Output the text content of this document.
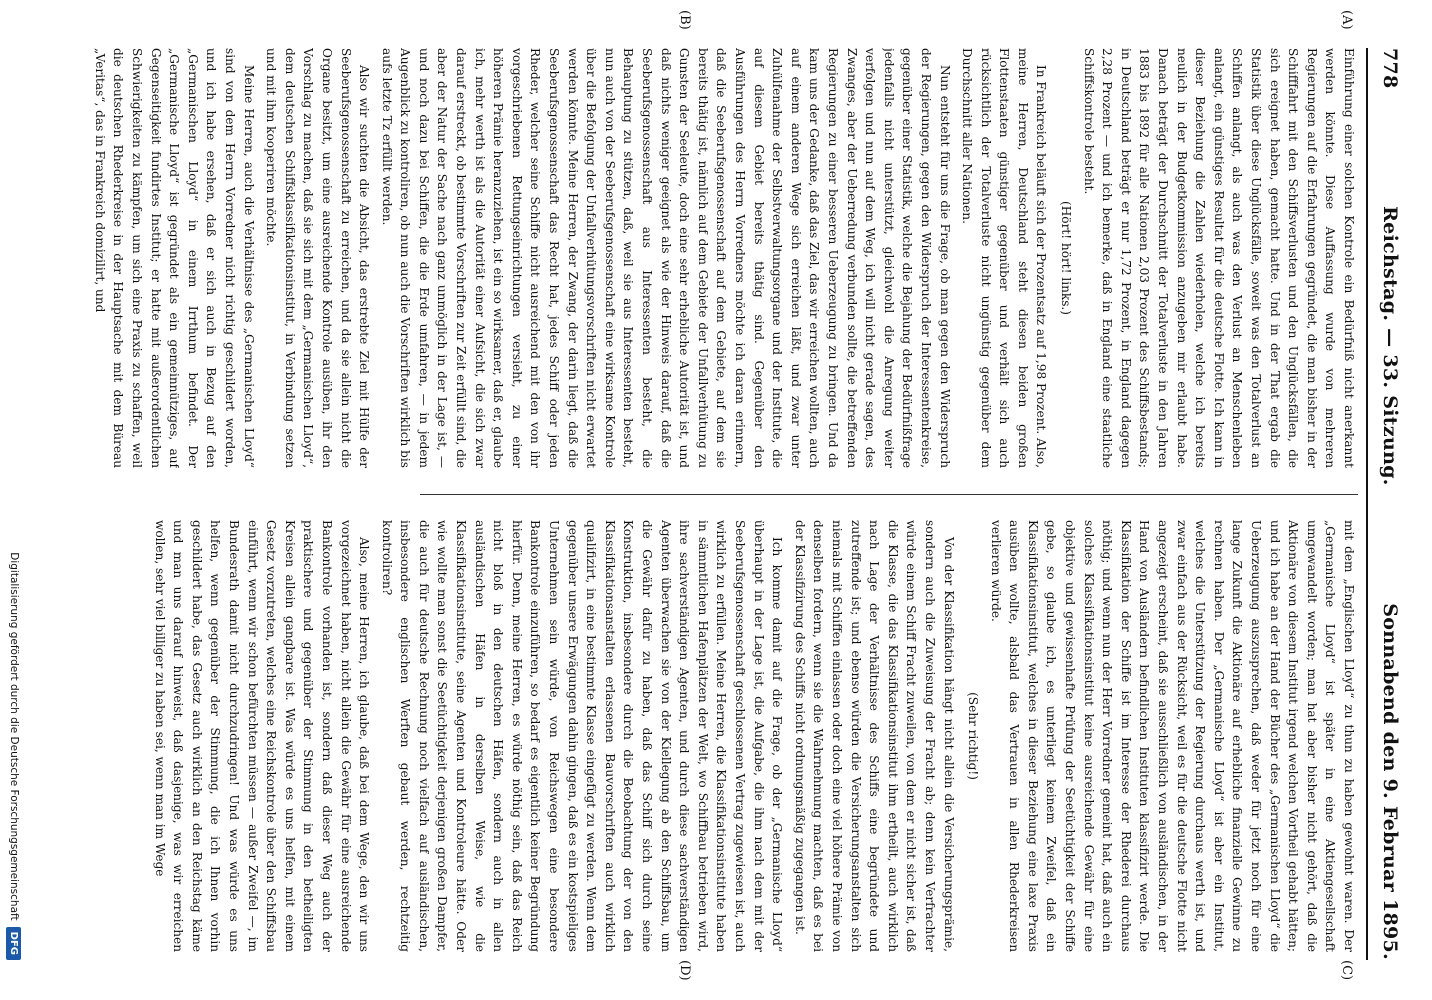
778
Reichstag. — 33. Sitzung.
Sonnabend den 9. Februar 1895.
(A)
(B)
(C)
(D)

Einführung einer solchen Kontrole ein Bedürfniß nicht anerkannt werden könnte. Diese Auffassung wurde von mehreren Regierungen auf die Erfahrungen gegründet, die man bisher in der Schifffahrt mit den Schiffsverlusten und den Unglücksfällen, die sich ereignet haben, gemacht hatte. Und in der That ergab die Statistik über diese Unglücksfälle, soweit was den Totalverlust an Schiffen anlangt, als auch was den Verlust an Menschenleben anlangt, ein günstiges Resultat für die deutsche Flotte. Ich kann in dieser Beziehung die Zahlen wiederholen, welche ich bereits neulich in der Budgetkommission anzugeben mir erlaubt habe. Danach beträgt der Durchschnitt der Totalverluste in den Jahren 1883 bis 1892 für alle Nationen 2,03 Prozent des Schiffsbestands; in Deutschland beträgt er nur 1,72 Prozent, in England dagegen 2,28 Prozent — und ich bemerke, daß in England eine staatliche Schiffskontrole besteht.

(Hört! hört! links.)

In Frankreich beläuft sich der Prozentsatz auf 1,98 Prozent. Also, meine Herren, Deutschland steht diesen beiden großen Flottenstaaten günstiger gegenüber und verhält sich auch rücksichtlich der Totalverluste nicht ungünstig gegenüber dem Durchschnitt aller Nationen.

Nun entsteht für uns die Frage, ob man gegen den Widerspruch der Regierungen, gegen den Widerspruch der Interessentenkreise, gegenüber einer Statistik, welche die Bejahung der Bedürfnißfrage jedenfalls nicht unterstützt, gleichwohl die Anregung weiter verfolgen und nun auf dem Weg, ich will nicht gerade sagen, des Zwanges, aber der Ueberredung verbunden sollte, die betreffenden Regierungen zu einer besseren Ueberzeugung zu bringen. Und da kam uns der Gedanke, daß das Ziel, das wir erreichen wollten, auch auf einem anderen Wege sich erreichen läßt, und zwar unter Zuhülfenahme der Selbstverwaltungsorgane und der Institute, die auf diesem Gebiet bereits thätig sind. Gegenüber den Ausführungen des Herrn Vorredners möchte ich daran erinnern, daß die Seeberufsgenossenschaft auf dem Gebiete, auf dem sie bereits thätig ist, nämlich auf dem Gebiete der Unfallverhütung zu Gunsten der Seeleute, doch eine sehr erhebliche Autorität ist, und daß nichts weniger geeignet als wie der Hinweis darauf, daß die Seeberufsgenossenschaft aus Interessenten besteht, die Behauptung zu stützen, daß, weil sie aus Interessenten besteht, nun auch von der Seeberufsgenossenschaft eine wirksame Kontrole über die Befolgung der Unfallverhütungsvorschriften nicht erwartet werden könnte. Meine Herren, der Zwang, der darin liegt, daß die Seeberufsgenossenschaft das Recht hat, jedes Schiff oder jeden Rheder, welcher seine Schiffe nicht ausreichend mit den von ihr vorgeschriebenen Rettungseinrichtungen versieht, zu einer höheren Prämie heranzuziehen, ist ein so wirksamer, daß er, glaube ich, mehr werth ist als die Autorität einer Aufsicht, die sich zwar darauf erstreckt, ob bestimmte Vorschriften zur Zeit erfüllt sind, die aber der Natur der Sache nach ganz unmöglich in der Lage ist, — und noch dazu bei Schiffen, die die Erde umfahren, — in jedem Augenblick zu kontroliren, ob nun auch die Vorschriften wirklich bis aufs letzte Tz erfüllt werden.

Also wir suchten die Absicht, das erstrebte Ziel mit Hülfe der Seeberufsgenossenschaft zu erreichen, und da sie allein nicht die Organe besitzt, um eine ausreichende Kontrole ausüben, ihr den Vorschlag zu machen, daß sie sich mit dem „Germanischen Lloyd“, dem deutschen Schiffsklassifikationsinstitut, in Verbindung setzen und mit ihm kooperiren möchte.

Meine Herren, auch die Verhältnisse des „Germanischen Lloyd“ sind von dem Herrn Vorredner nicht richtig geschildert worden, und ich habe ersehen, daß er sich auch in Bezug auf den „Germanischen Lloyd“ in einem Irrthum befindet. Der „Germanische Lloyd“ ist gegründet als ein gemeinnütziges, auf Gegenseitigkeit fundirtes Institut; er hatte mit außerordentlichen Schwierigkeiten zu kämpfen, um sich eine Praxis zu schaffen, weil die deutschen Rhederkreise in der Hauptsache mit dem Büreau „Veritas“, das in Frankreich domizilirt, und

mit dem „Englischen Lloyd“ zu thun zu haben gewohnt waren. Der „Germanische Lloyd“ ist später in eine Aktiengesellschaft umgewandelt worden; man hat aber bisher nicht gehört, daß die Aktionäre von diesem Institut irgend welchen Vortheil gehabt hätten; und ich habe an der Hand der Bücher des „Germanischen Lloyd“ die Ueberzeugung auszusprechen, daß weder für jetzt noch für eine lange Zukunft die Aktionäre auf erhebliche finanzielle Gewinne zu rechnen haben. Der „Germanische Lloyd“ ist aber ein Institut, welches die Unterstützung der Regierung durchaus werth ist, und zwar einfach aus der Rücksicht, weil es für die deutsche Flotte nicht angezeigt erscheint, daß sie ausschließlich von ausländischen, in der Hand von Ausländern befindlichen Instituten klassifizirt werde. Die Klassifikation der Schiffe ist im Interesse der Rhederei durchaus nöthig; und wenn nun der Herr Vorredner gemeint hat, daß auch ein solches Klassifikationsinstitut keine ausreichende Gewähr für eine objektive und gewissenhafte Prüfung der Seetüchtigkeit der Schiffe gebe, so glaube ich, es unterliegt keinem Zweifel, daß ein Klassifikationsinstitut, welches in dieser Beziehung eine laxe Praxis ausüben wollte, alsbald das Vertrauen in allen Rhederkreisen verlieren würde.

(Sehr richtig!)

Von der Klassifikation hängt nicht allein die Versicherungsprämie, sondern auch die Zuweisung der Fracht ab; denn kein Verfrachter würde einem Schiff Fracht zuweilen, von dem er nicht sicher ist, daß die Klasse, die das Klassifikationsinstitut ihm ertheilt, auch wirklich nach Lage der Verhältnisse des Schiffs eine begründete und zutreffende ist; und ebenso würden die Versicherungsanstalten sich niemals mit Schiffen einlassen oder doch eine viel höhere Prämie von denselben fordern, wenn sie die Wahrnehmung machten, daß es bei der Klassifizirung des Schiffs nicht ordnungsmäßig zugegangen ist.

Ich komme damit auf die Frage, ob der „Germanische Lloyd“ überhaupt in der Lage ist, die Aufgabe, die ihm nach dem mit der Seeberufsgenossenschaft geschlossenen Vertrag zugewiesen ist, auch wirklich zu erfüllen. Meine Herren, die Klassifikationsinstitute haben in sämmtlichen Hafenplätzen der Welt, wo Schiffbau betrieben wird, ihre sachverständigen Agenten, und durch diese sachverständigen Agenten überwachen sie von der Kiellegung ab den Schiffsbau, um die Gewähr dafür zu haben, daß das Schiff sich durch seine Konstruktion, insbesondere durch die Beobachtung der von den Klassifikationsanstalten erlassenen Bauvorschriften auch wirklich qualifizirt, in eine bestimmte Klasse eingefügt zu werden. Wenn dem gegenüber unsere Erwägungen dahin gingen, daß es ein kostspieliges Unternehmen sein würde, von Reichswegen eine besondere Bankontrole einzuführen, so bedarf es eigentlich keiner Begründung hierfür. Denn, meine Herren, es würde nöthig sein, daß das Reich nicht bloß in den deutschen Häfen, sondern auch in allen ausländischen Häfen in derselben Weise, wie die Klassifikationsinstitute, seine Agenten und Kontroleure hätte. Oder wie wollte man sonst die Seetüchtigkeit derjenigen großen Dampfer, die auch für deutsche Rechnung noch vielfach auf ausländischen, insbesondere englischen Werften gebaut werden, rechtzeitig kontroliren?

Also, meine Herren, ich glaube, daß bei dem Wege, den wir uns vorgezeichnet haben, nicht allein die Gewähr für eine ausreichende Bankontrole vorhanden ist, sondern daß dieser Weg auch der praktischere und gegenüber der Stimmung in den betheiligten Kreisen allein gangbare ist. Was würde es uns helfen, mit einem Gesetz vorzutreten, welches eine Reichskontrole über den Schiffsbau einführt, wenn wir schon befürchten müssen — außer Zweifel —, im Bundesrath damit nicht durchzudringen! Und was würde es uns helfen, wenn gegenüber der Stimmung, die ich Ihnen vorhin geschildert habe, das Gesetz auch wirklich an den Reichstag käme und man uns darauf hinweist, daß dasjenige, was wir erreichen wollen, sehr viel billiger zu haben sei, wenn man im Wege

Digitalisierung gefördert durch die Deutsche Forschungsgemeinschaft
DFG
